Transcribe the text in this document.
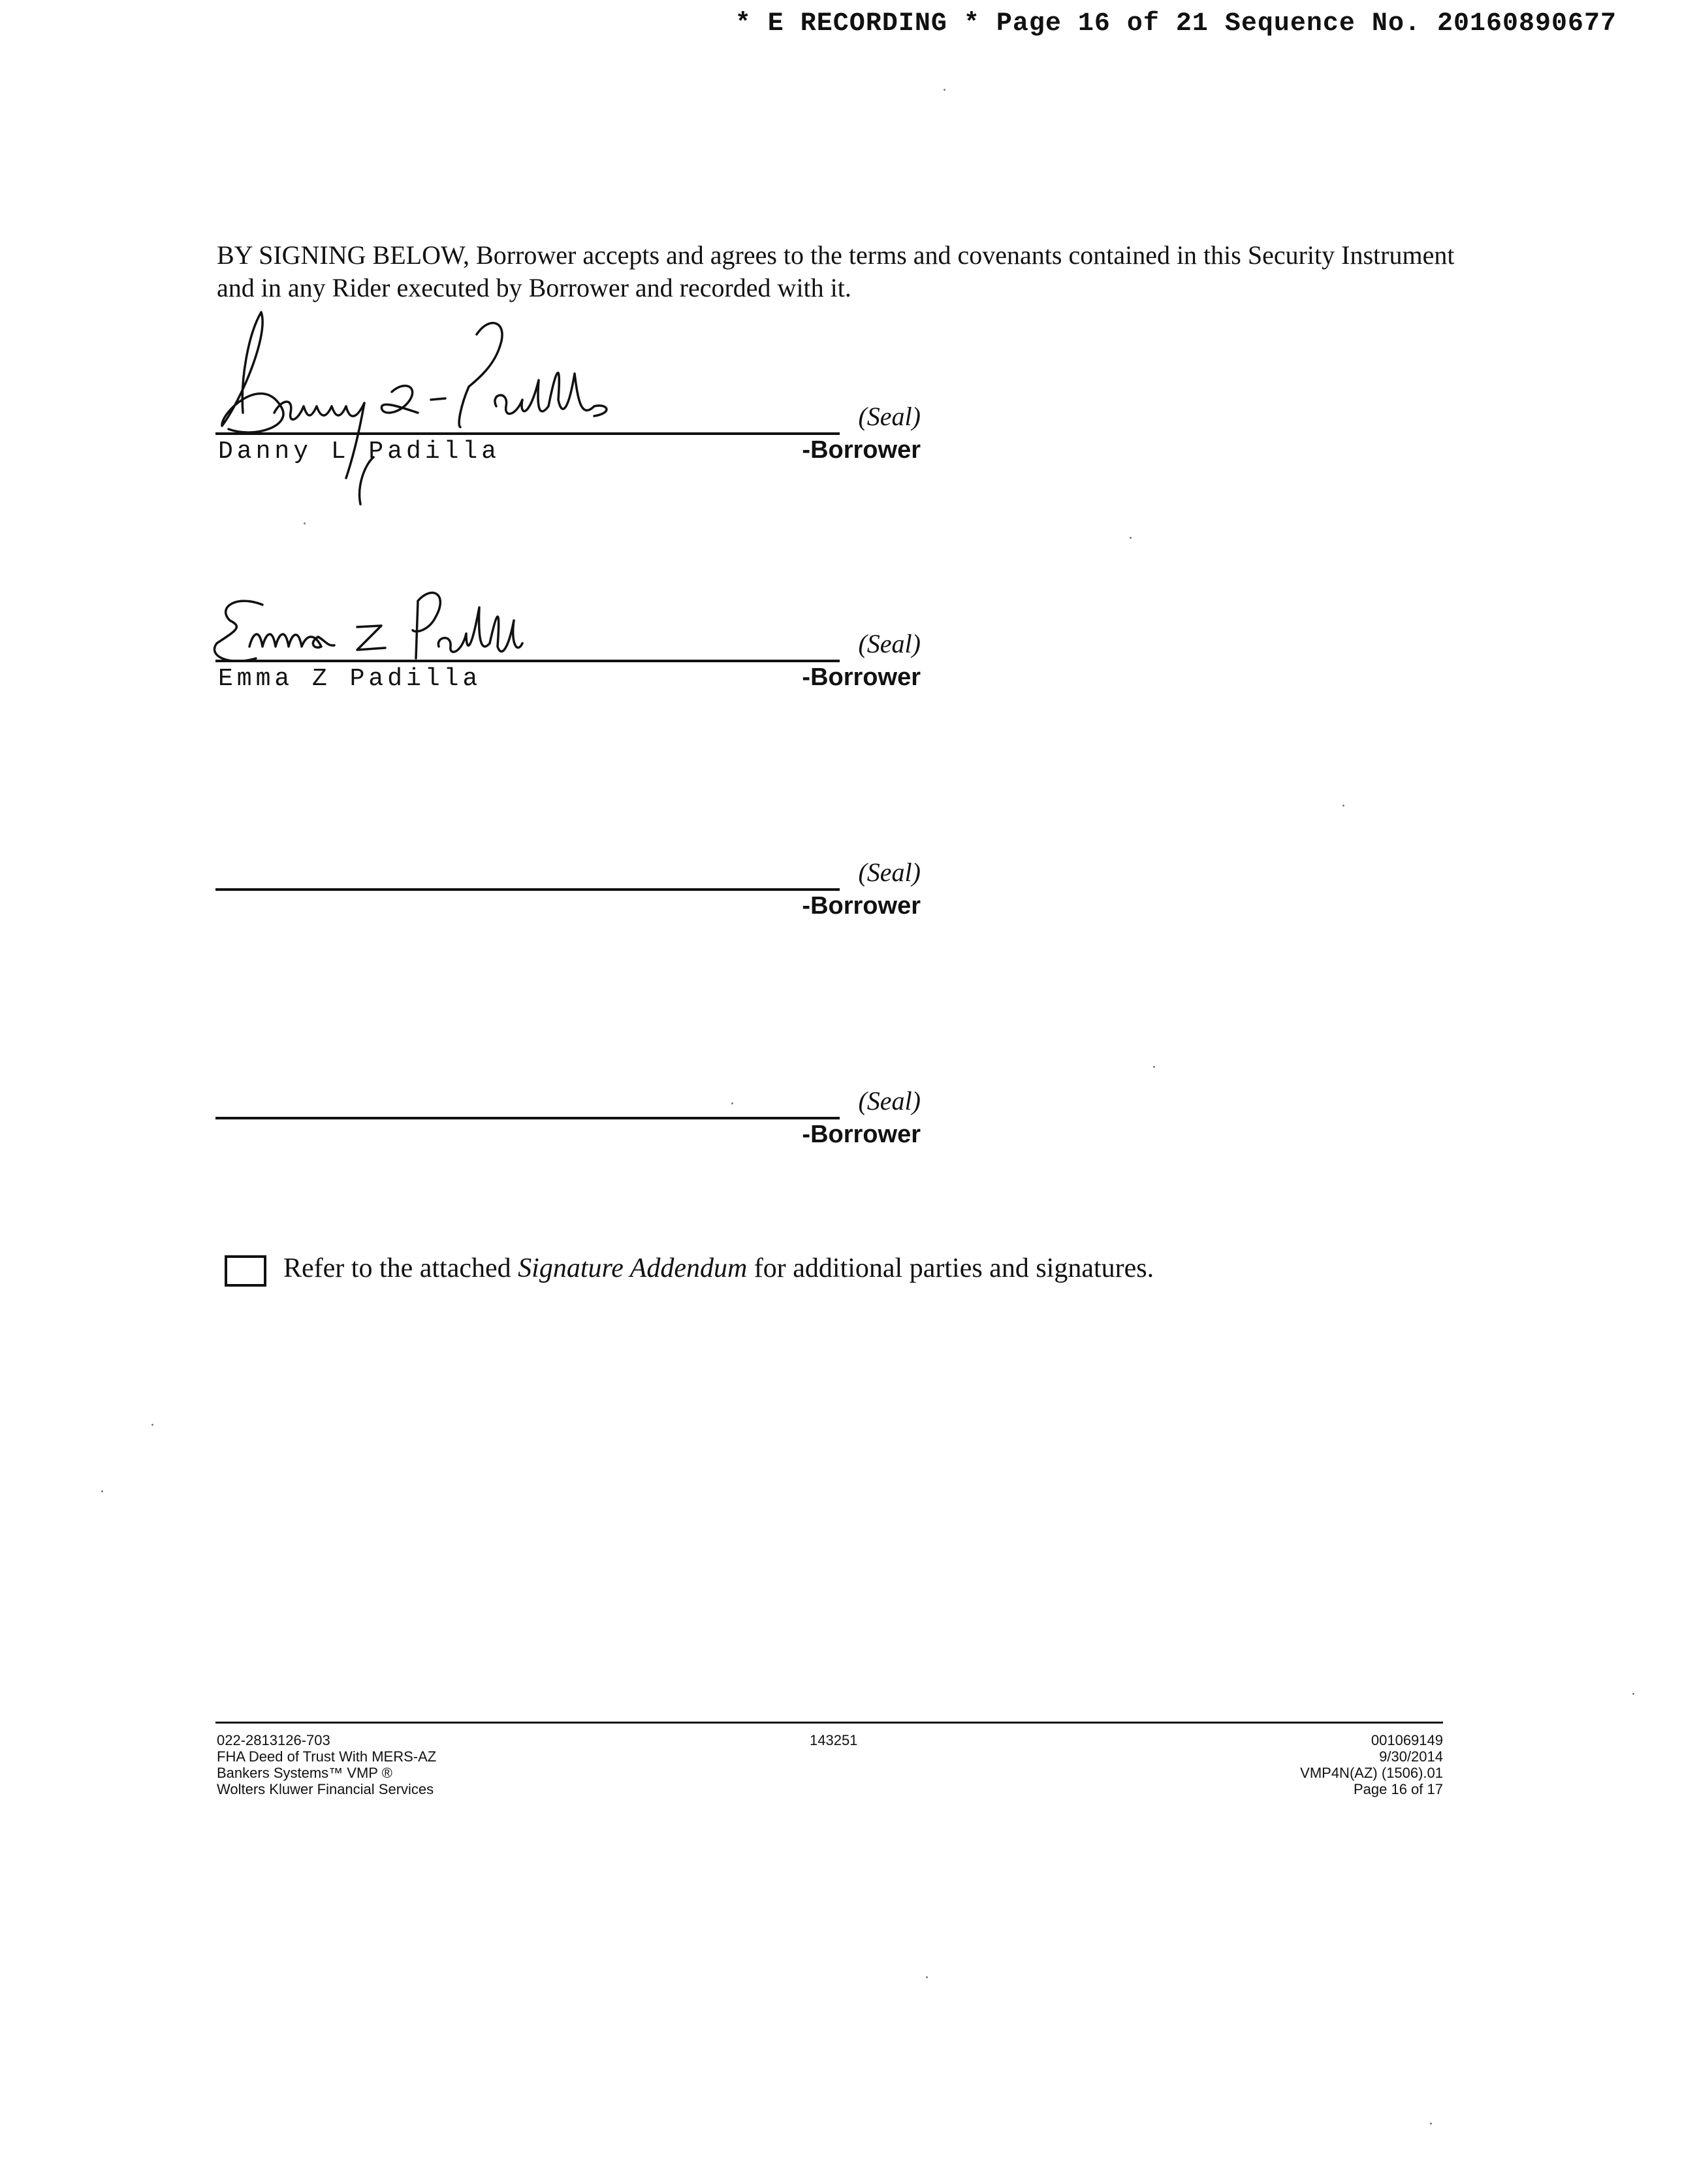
* E RECORDING * Page 16 of 21 Sequence No. 20160890677
BY SIGNING BELOW, Borrower accepts and agrees to the terms and covenants contained in this Security Instrument and in any Rider executed by Borrower and recorded with it.
(Seal)
-Borrower
Danny L Padilla
(Seal)
-Borrower
Emma Z Padilla
(Seal)
-Borrower
(Seal)
-Borrower
Refer to the attached Signature Addendum for additional parties and signatures.
022-2813126-703
FHA Deed of Trust With MERS-AZ
Bankers Systems™ VMP ®
Wolters Kluwer Financial Services
143251	001069149
9/30/2014
VMP4N(AZ) (1506).01
Page 16 of 17
